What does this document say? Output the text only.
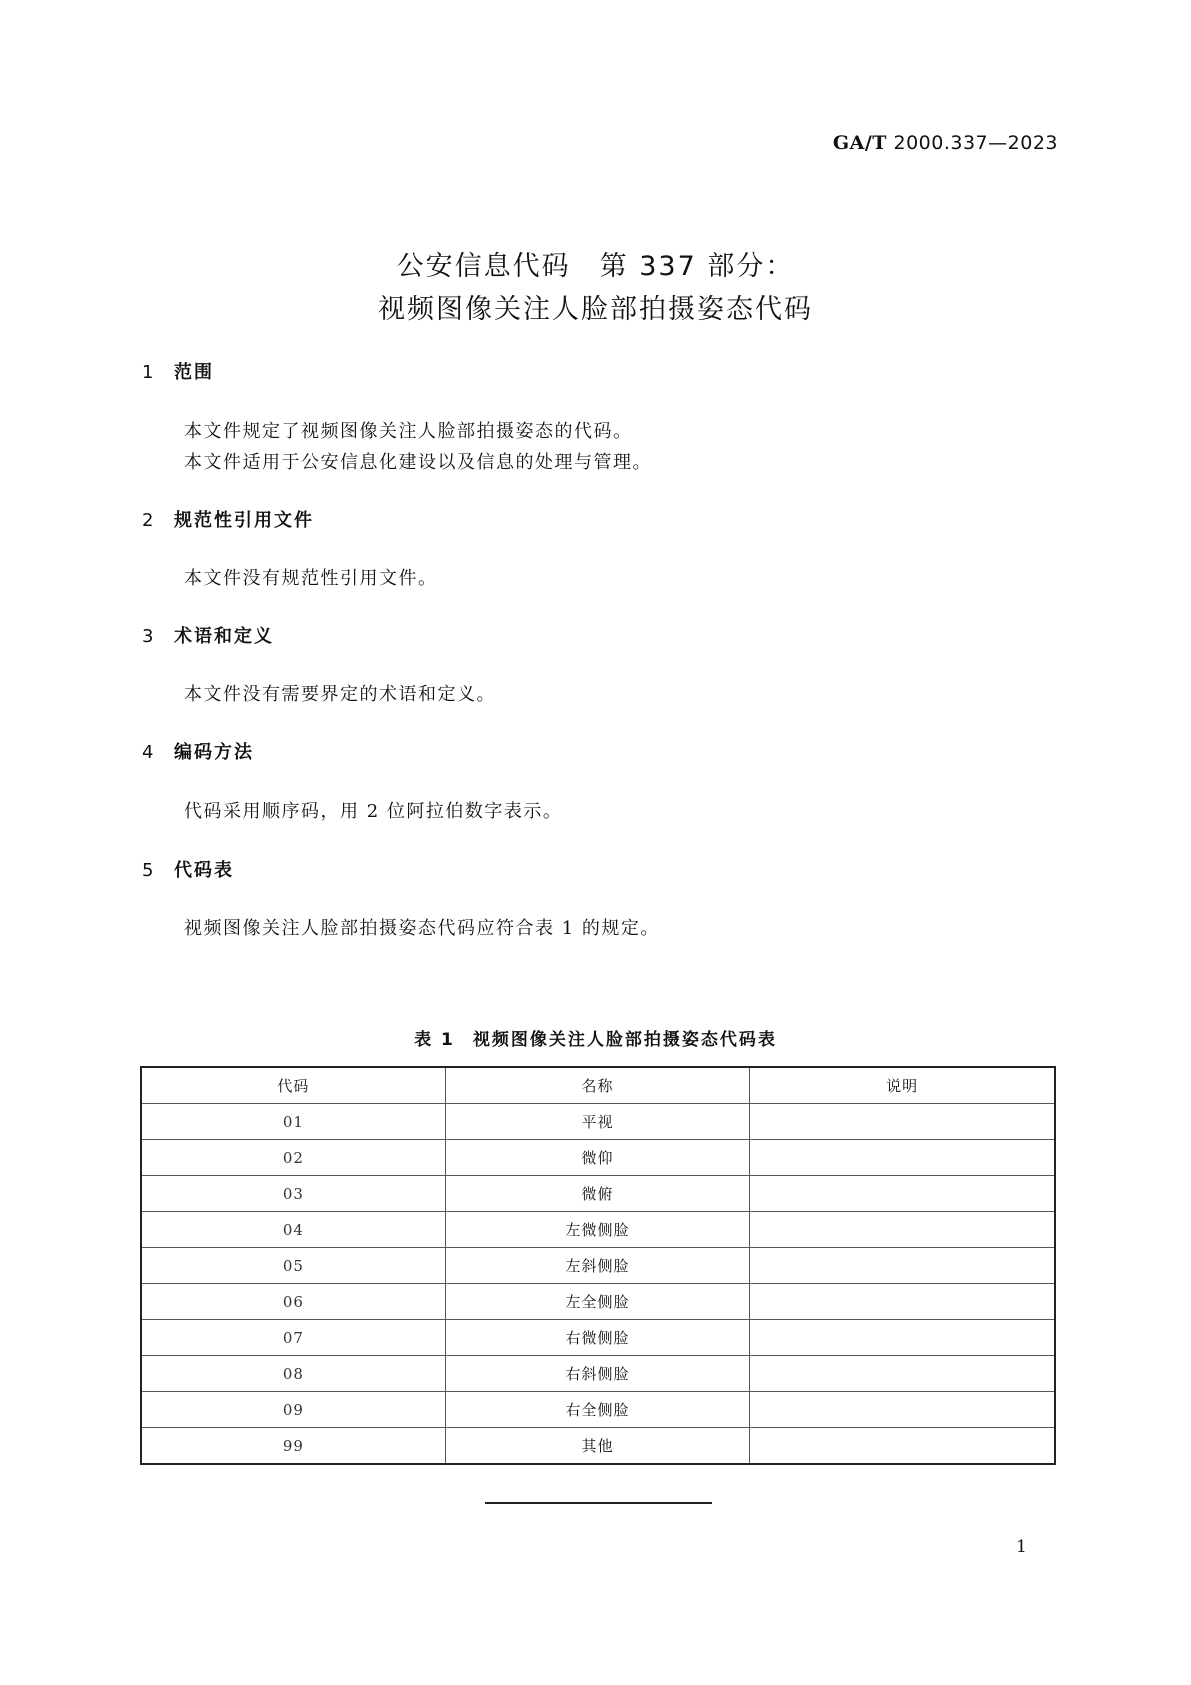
GA/T 2000.337—2023
公安信息代码　第 337 部分：
视频图像关注人脸部拍摄姿态代码
1 范围
本文件规定了视频图像关注人脸部拍摄姿态的代码。
本文件适用于公安信息化建设以及信息的处理与管理。
2 规范性引用文件
本文件没有规范性引用文件。
3 术语和定义
本文件没有需要界定的术语和定义。
4 编码方法
代码采用顺序码，用 2 位阿拉伯数字表示。
5 代码表
视频图像关注人脸部拍摄姿态代码应符合表 1 的规定。
表 1 视频图像关注人脸部拍摄姿态代码表
代码	名称	说明
01	平视	
02	微仰	
03	微俯	
04	左微侧脸	
05	左斜侧脸	
06	左全侧脸	
07	右微侧脸	
08	右斜侧脸	
09	右全侧脸	
99	其他	
1
